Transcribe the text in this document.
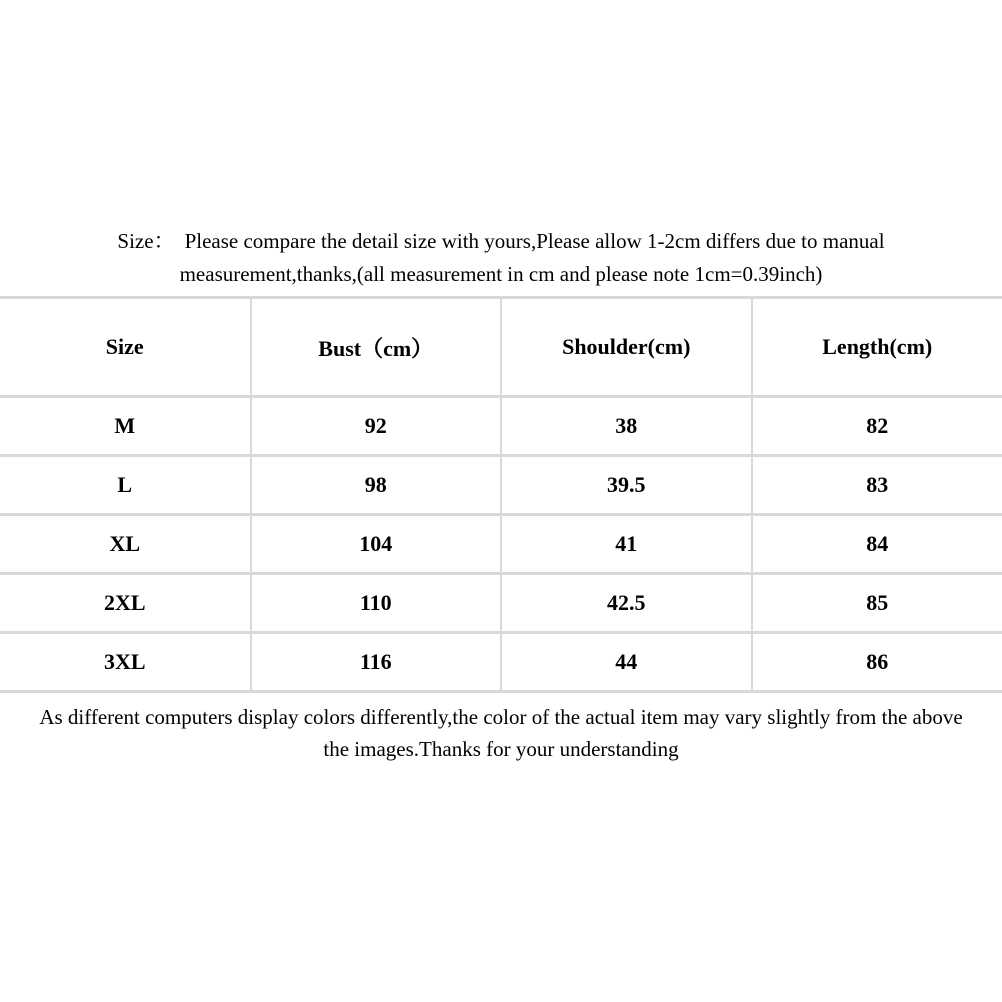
Size： Please compare the detail size with yours,Please allow 1-2cm differs due to manual
measurement,thanks,(all measurement in cm and please note 1cm=0.39inch)
Size	Bust（cm）	Shoulder(cm)	Length(cm)
M	92	38	82
L	98	39.5	83
XL	104	41	84
2XL	110	42.5	85
3XL	116	44	86
As different computers display colors differently,the color of the actual item may vary slightly from the above
the images.Thanks for your understanding
